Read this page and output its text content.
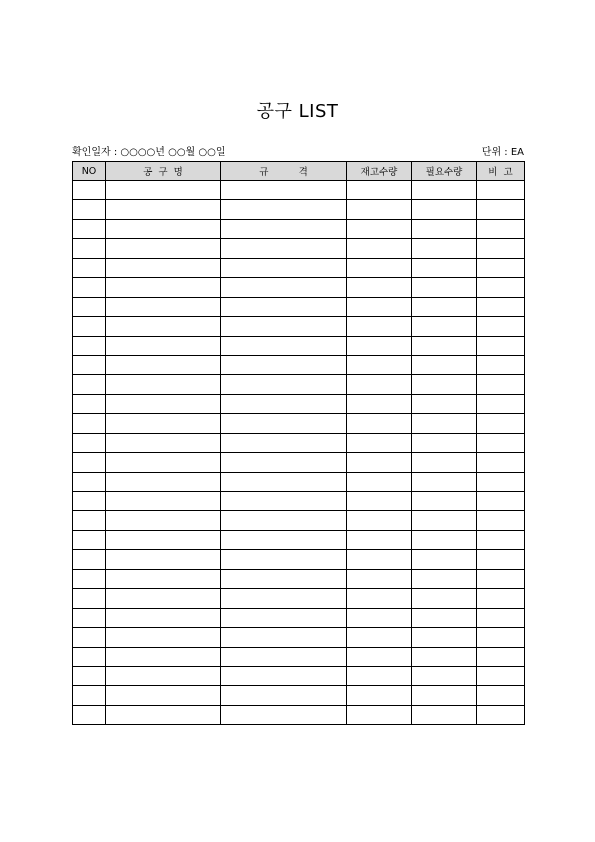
공구 LIST
확인일자 : ○○○○년 ○○월 ○○일	단위 : EA
NO	공  구  명	규          격	재고수량	필요수량	비  고
